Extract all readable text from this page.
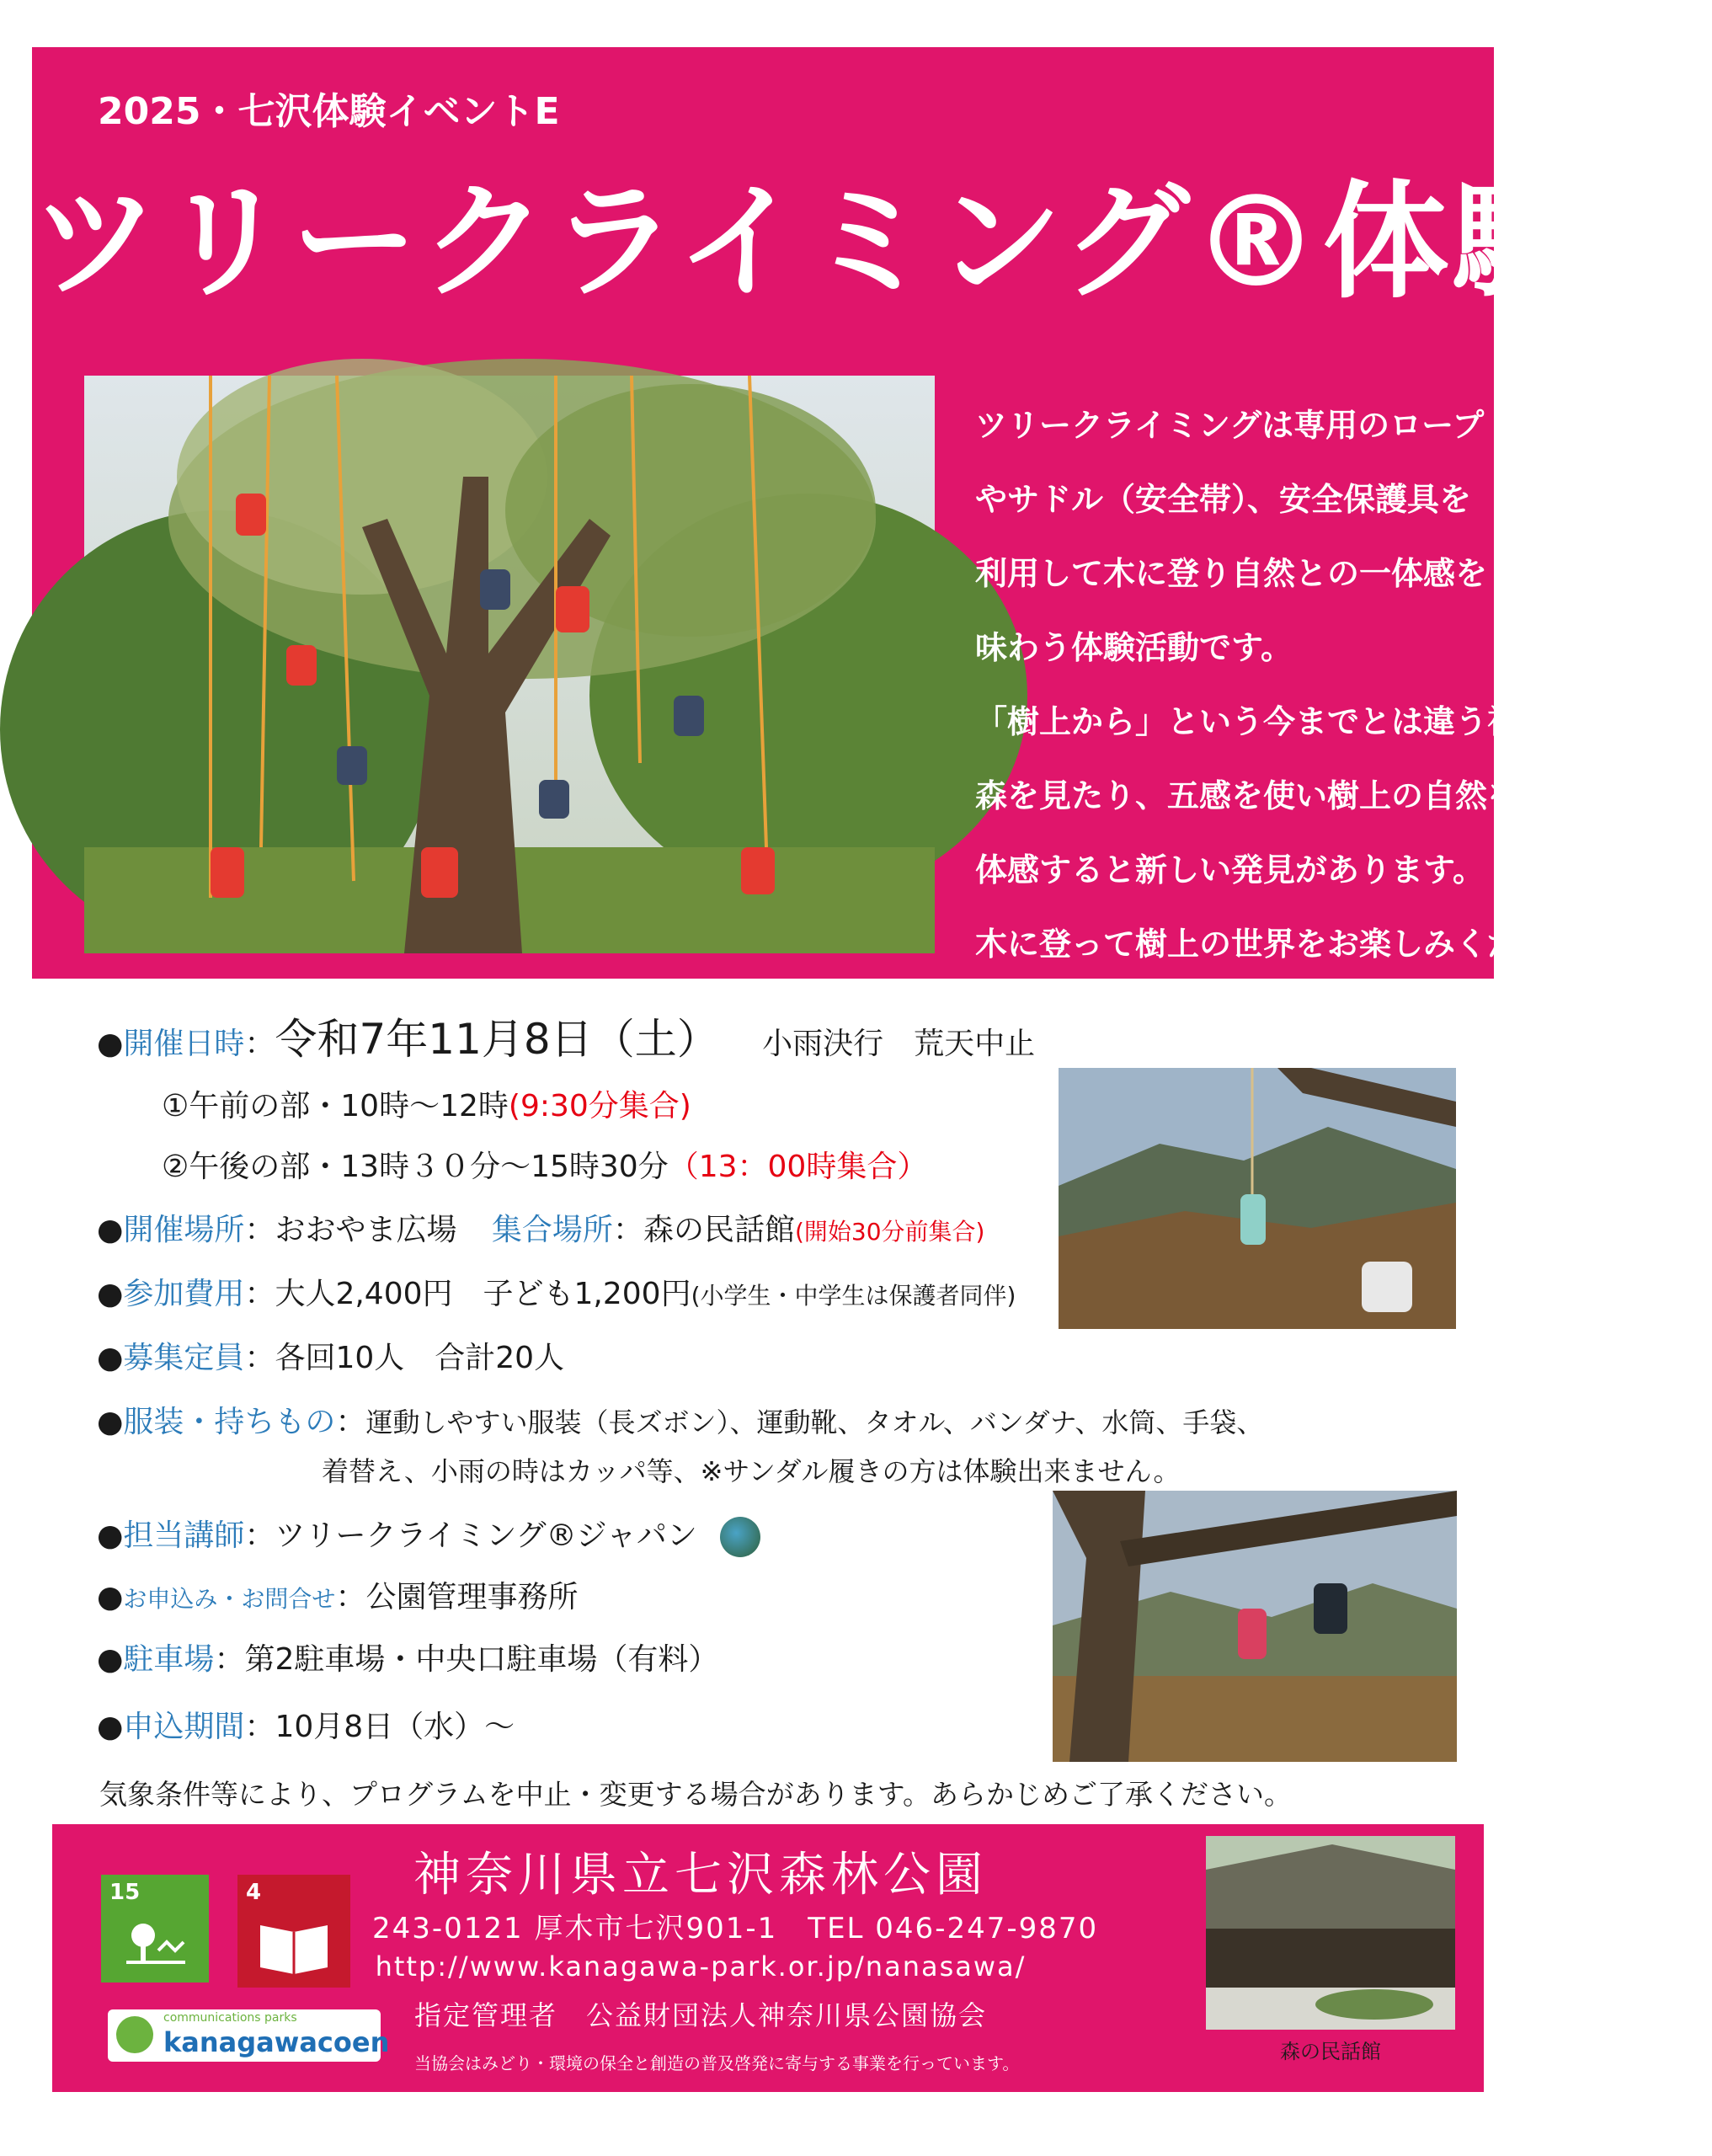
2025・七沢体験イベントE
ツリークライミング®体験会
ツリークライミングは専用のロープ
やサドル（安全帯）、安全保護具を
利用して木に登り自然との一体感を
味わう体験活動です。
「樹上から」という今までとは違う視点で
森を見たり、五感を使い樹上の自然を
体感すると新しい発見があります。
木に登って樹上の世界をお楽しみください
●開催日時：令和7年11月8日（土） 小雨決行　荒天中止
①午前の部・10時～12時(9:30分集合)
②午後の部・13時３０分～15時30分（13：00時集合）
●開催場所：おおやま広場 集合場所：森の民話館(開始30分前集合)
●参加費用：大人2,400円　子ども1,200円(小学生・中学生は保護者同伴)
●募集定員：各回10人　合計20人
●服装・持ちもの：運動しやすい服装（長ズボン）、運動靴、タオル、バンダナ、水筒、手袋、
着替え、小雨の時はカッパ等、※サンダル履きの方は体験出来ません。
●担当講師：ツリークライミング®ジャパン
●お申込み・お問合せ：公園管理事務所
●駐車場：第2駐車場・中央口駐車場（有料）
●申込期間：10月8日（水）～
気象条件等により、プログラムを中止・変更する場合があります。あらかじめご了承ください。
15	4
communications parks
kanagawacoen
神奈川県立七沢森林公園
243-0121 厚木市七沢901-1　TEL 046-247-9870
http://www.kanagawa-park.or.jp/nanasawa/
指定管理者　公益財団法人神奈川県公園協会
当協会はみどり・環境の保全と創造の普及啓発に寄与する事業を行っています。	森の民話館
